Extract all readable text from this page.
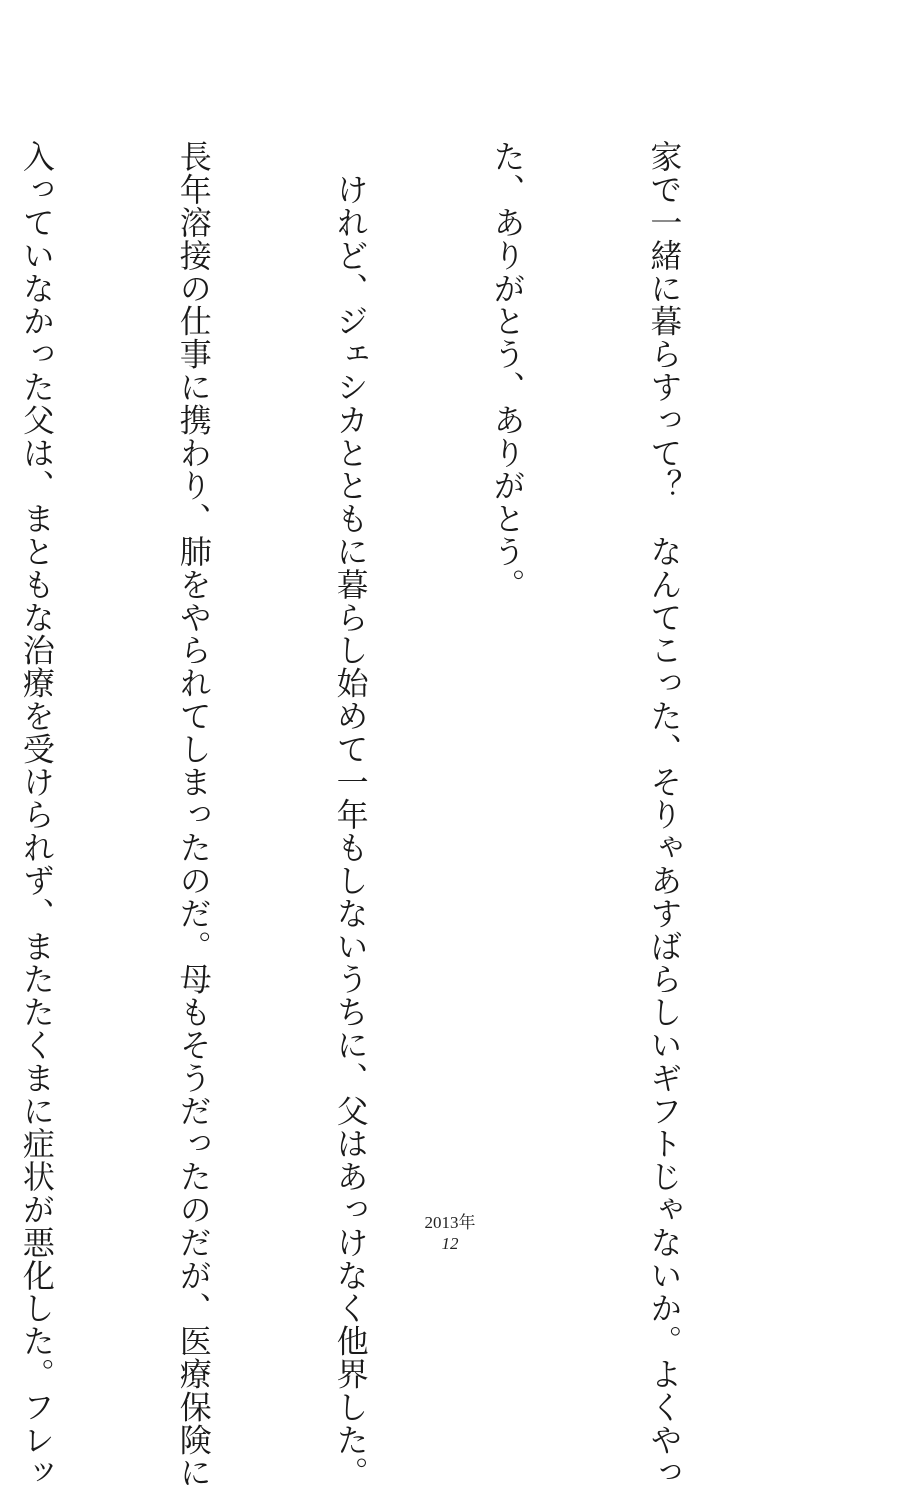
家で一緒に暮らすって？　なんてこった、そりゃあすばらしいギフトじゃないか。よくやっ

た、ありがとう、ありがとう。

　けれど、ジェシカとともに暮らし始めて一年もしないうちに、父はあっけなく他界した。

長年溶接の仕事に携わり、肺をやられてしまったのだ。母もそうだったのだが、医療保険に

入っていなかった父は、まともな治療を受けられず、またたくまに症状が悪化した。フレッ

	2013年
12
